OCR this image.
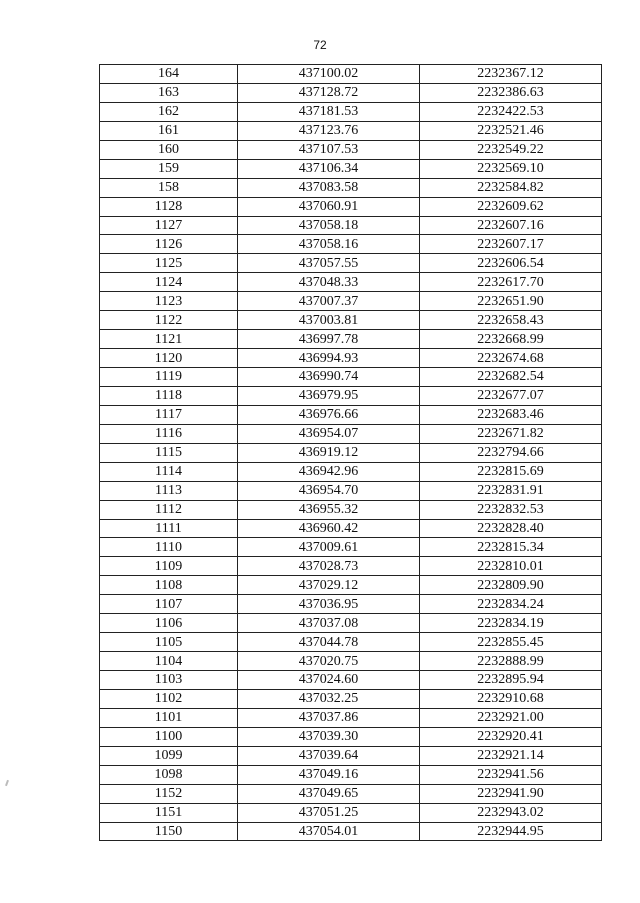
72
164	437100.02	2232367.12
163	437128.72	2232386.63
162	437181.53	2232422.53
161	437123.76	2232521.46
160	437107.53	2232549.22
159	437106.34	2232569.10
158	437083.58	2232584.82
1128	437060.91	2232609.62
1127	437058.18	2232607.16
1126	437058.16	2232607.17
1125	437057.55	2232606.54
1124	437048.33	2232617.70
1123	437007.37	2232651.90
1122	437003.81	2232658.43
1121	436997.78	2232668.99
1120	436994.93	2232674.68
1119	436990.74	2232682.54
1118	436979.95	2232677.07
1117	436976.66	2232683.46
1116	436954.07	2232671.82
1115	436919.12	2232794.66
1114	436942.96	2232815.69
1113	436954.70	2232831.91
1112	436955.32	2232832.53
1111	436960.42	2232828.40
1110	437009.61	2232815.34
1109	437028.73	2232810.01
1108	437029.12	2232809.90
1107	437036.95	2232834.24
1106	437037.08	2232834.19
1105	437044.78	2232855.45
1104	437020.75	2232888.99
1103	437024.60	2232895.94
1102	437032.25	2232910.68
1101	437037.86	2232921.00
1100	437039.30	2232920.41
1099	437039.64	2232921.14
1098	437049.16	2232941.56
1152	437049.65	2232941.90
1151	437051.25	2232943.02
1150	437054.01	2232944.95
